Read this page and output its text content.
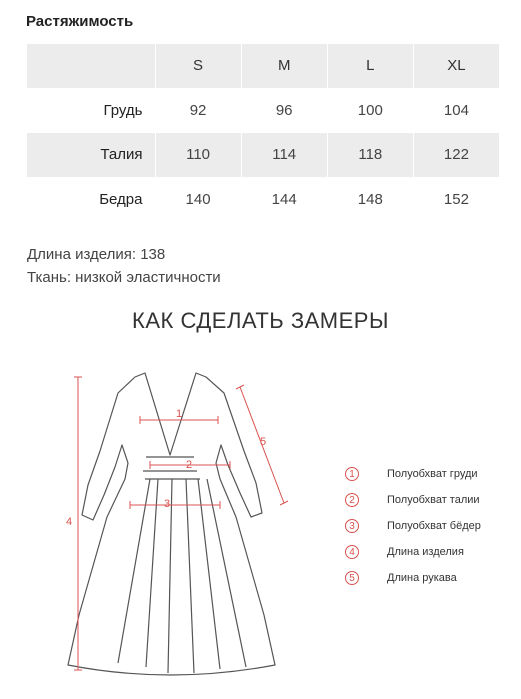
Растяжимость
	S	M	L	XL
Грудь	92	96	100	104
Талия	110	114	118	122
Бедра	140	144	148	152
Длина изделия: 138
Ткань: низкой эластичности
КАК СДЕЛАТЬ ЗАМЕРЫ
1
2
3
4
5
1	Полуобхват груди
2	Полуобхват талии
3	Полуобхват бёдер
4	Длина изделия
5	Длина рукава
